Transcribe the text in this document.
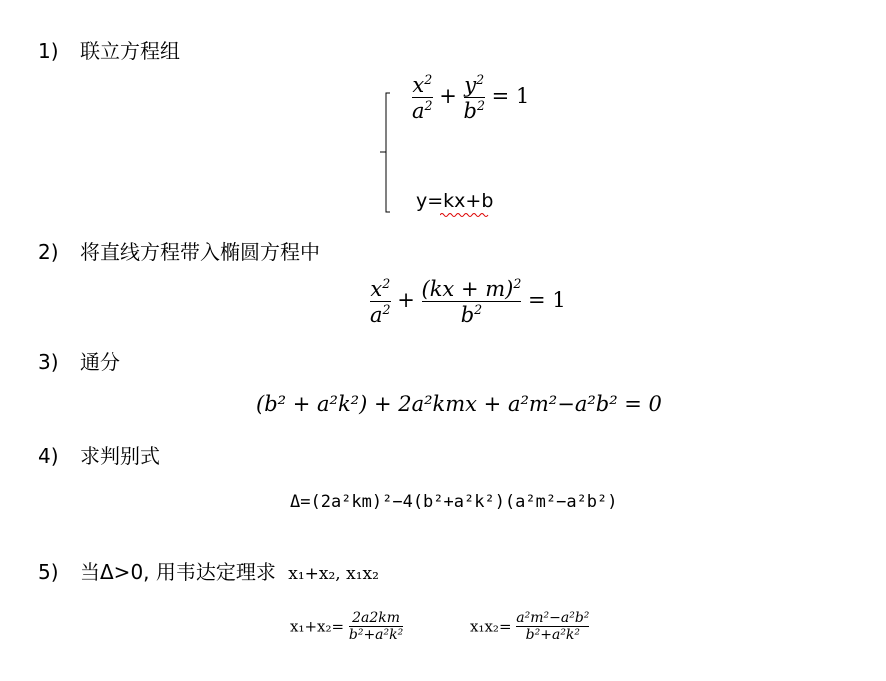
1) 联立方程组
2) 将直线方程带入椭圆方程中
3) 通分
4) 求判别式
5) 当Δ>0, 用韦达定理求 x₁+x₂, x₁x₂
$\frac{x^2}{a^2} + \frac{y^2}{b^2} = 1$
y=kx+b
$\frac{x^2}{a^2} + \frac{(kx + m)^2}{b^2} = 1$
(b² + a²k²) + 2a²kmx + a²m²−a²b² = 0
Δ=(2a²km)²−4(b²+a²k²)(a²m²−a²b²)
$x_1+x_2= \frac{2a2km}{\text{b²+a²k²}}$	$x_1x_2= \frac{\text{a²m²−a²b²}}{\text{b²+a²k²}}$
